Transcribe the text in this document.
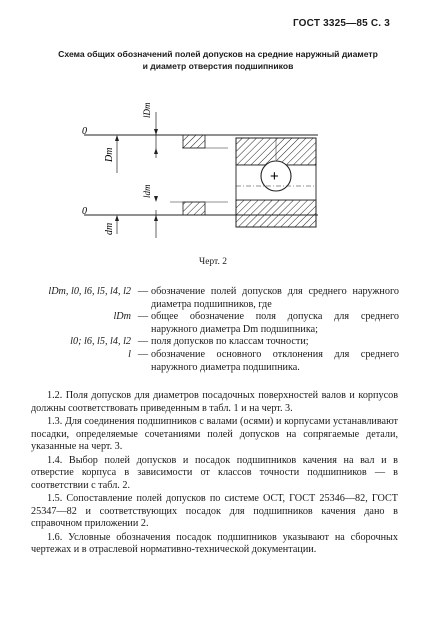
ГОСТ 3325—85 С. 3
Схема общих обозначений полей допусков на средние наружный диаметр
и диаметр отверстия подшипников
0
0
lDm
Dm
ldm
dm
+
Черт. 2
lDm, l0, l6, l5, l4, l2 — обозначение полей допусков для среднего наружного диаметра подшипников, где
lDm — общее обозначение поля допуска для среднего наружного диаметра Dm подшипника;
l0; l6, l5, l4, l2 — поля допусков по классам точности;
l — обозначение основного отклонения для среднего наружного диаметра подшипника.

1.2. Поля допусков для диаметров посадочных поверхностей валов и корпусов должны соответствовать приведенным в табл. 1 и на черт. 3.

1.3. Для соединения подшипников с валами (осями) и корпусами устанавливают посадки, определяемые сочетаниями полей допусков на сопрягаемые детали, указанные на черт. 3.

1.4. Выбор полей допусков и посадок подшипников качения на вал и в отверстие корпуса в зависимости от классов точности подшипников — в соответствии с табл. 2.

1.5. Сопоставление полей допусков по системе ОСТ, ГОСТ 25346—82, ГОСТ 25347—82 и соответствующих посадок для подшипников качения дано в справочном приложении 2.

1.6. Условные обозначения посадок подшипников указывают на сборочных чертежах и в отраслевой нормативно-технической документации.
